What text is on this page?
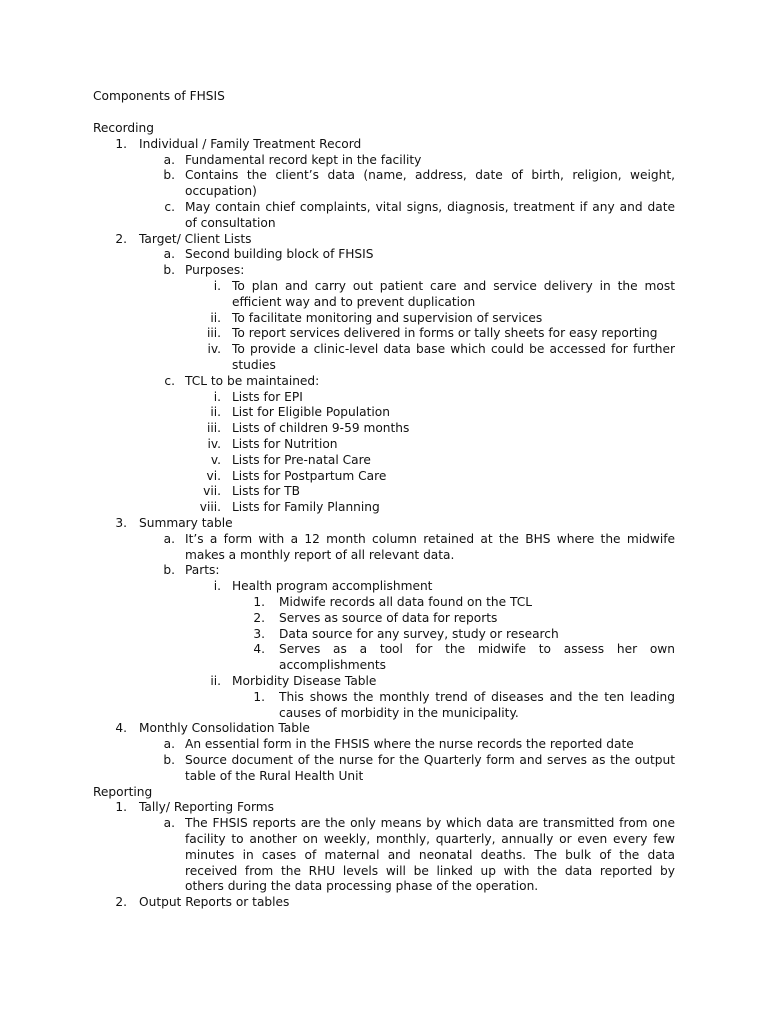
Components of FHSIS
Recording
1. Individual / Family Treatment Record
a. Fundamental record kept in the facility
b. Contains the client’s data (name, address, date of birth, religion, weight,
occupation)
c. May contain chief complaints, vital signs, diagnosis, treatment if any and date
of consultation
2. Target/ Client Lists
a. Second building block of FHSIS
b. Purposes:
i. To plan and carry out patient care and service delivery in the most
efficient way and to prevent duplication
ii. To facilitate monitoring and supervision of services
iii. To report services delivered in forms or tally sheets for easy reporting
iv. To provide a clinic-level data base which could be accessed for further
studies
c. TCL to be maintained:
i. Lists for EPI
ii. List for Eligible Population
iii. Lists of children 9-59 months
iv. Lists for Nutrition
v. Lists for Pre-natal Care
vi. Lists for Postpartum Care
vii. Lists for TB
viii. Lists for Family Planning
3. Summary table
a. It’s a form with a 12 month column retained at the BHS where the midwife
makes a monthly report of all relevant data.
b. Parts:
i. Health program accomplishment
1. Midwife records all data found on the TCL
2. Serves as source of data for reports
3. Data source for any survey, study or research
4. Serves as a tool for the midwife to assess her own
accomplishments
ii. Morbidity Disease Table
1. This shows the monthly trend of diseases and the ten leading
causes of morbidity in the municipality.
4. Monthly Consolidation Table
a. An essential form in the FHSIS where the nurse records the reported date
b. Source document of the nurse for the Quarterly form and serves as the output
table of the Rural Health Unit
Reporting
1. Tally/ Reporting Forms
a. The FHSIS reports are the only means by which data are transmitted from one
facility to another on weekly, monthly, quarterly, annually or even every few
minutes in cases of maternal and neonatal deaths. The bulk of the data
received from the RHU levels will be linked up with the data reported by
others during the data processing phase of the operation.
2. Output Reports or tables
